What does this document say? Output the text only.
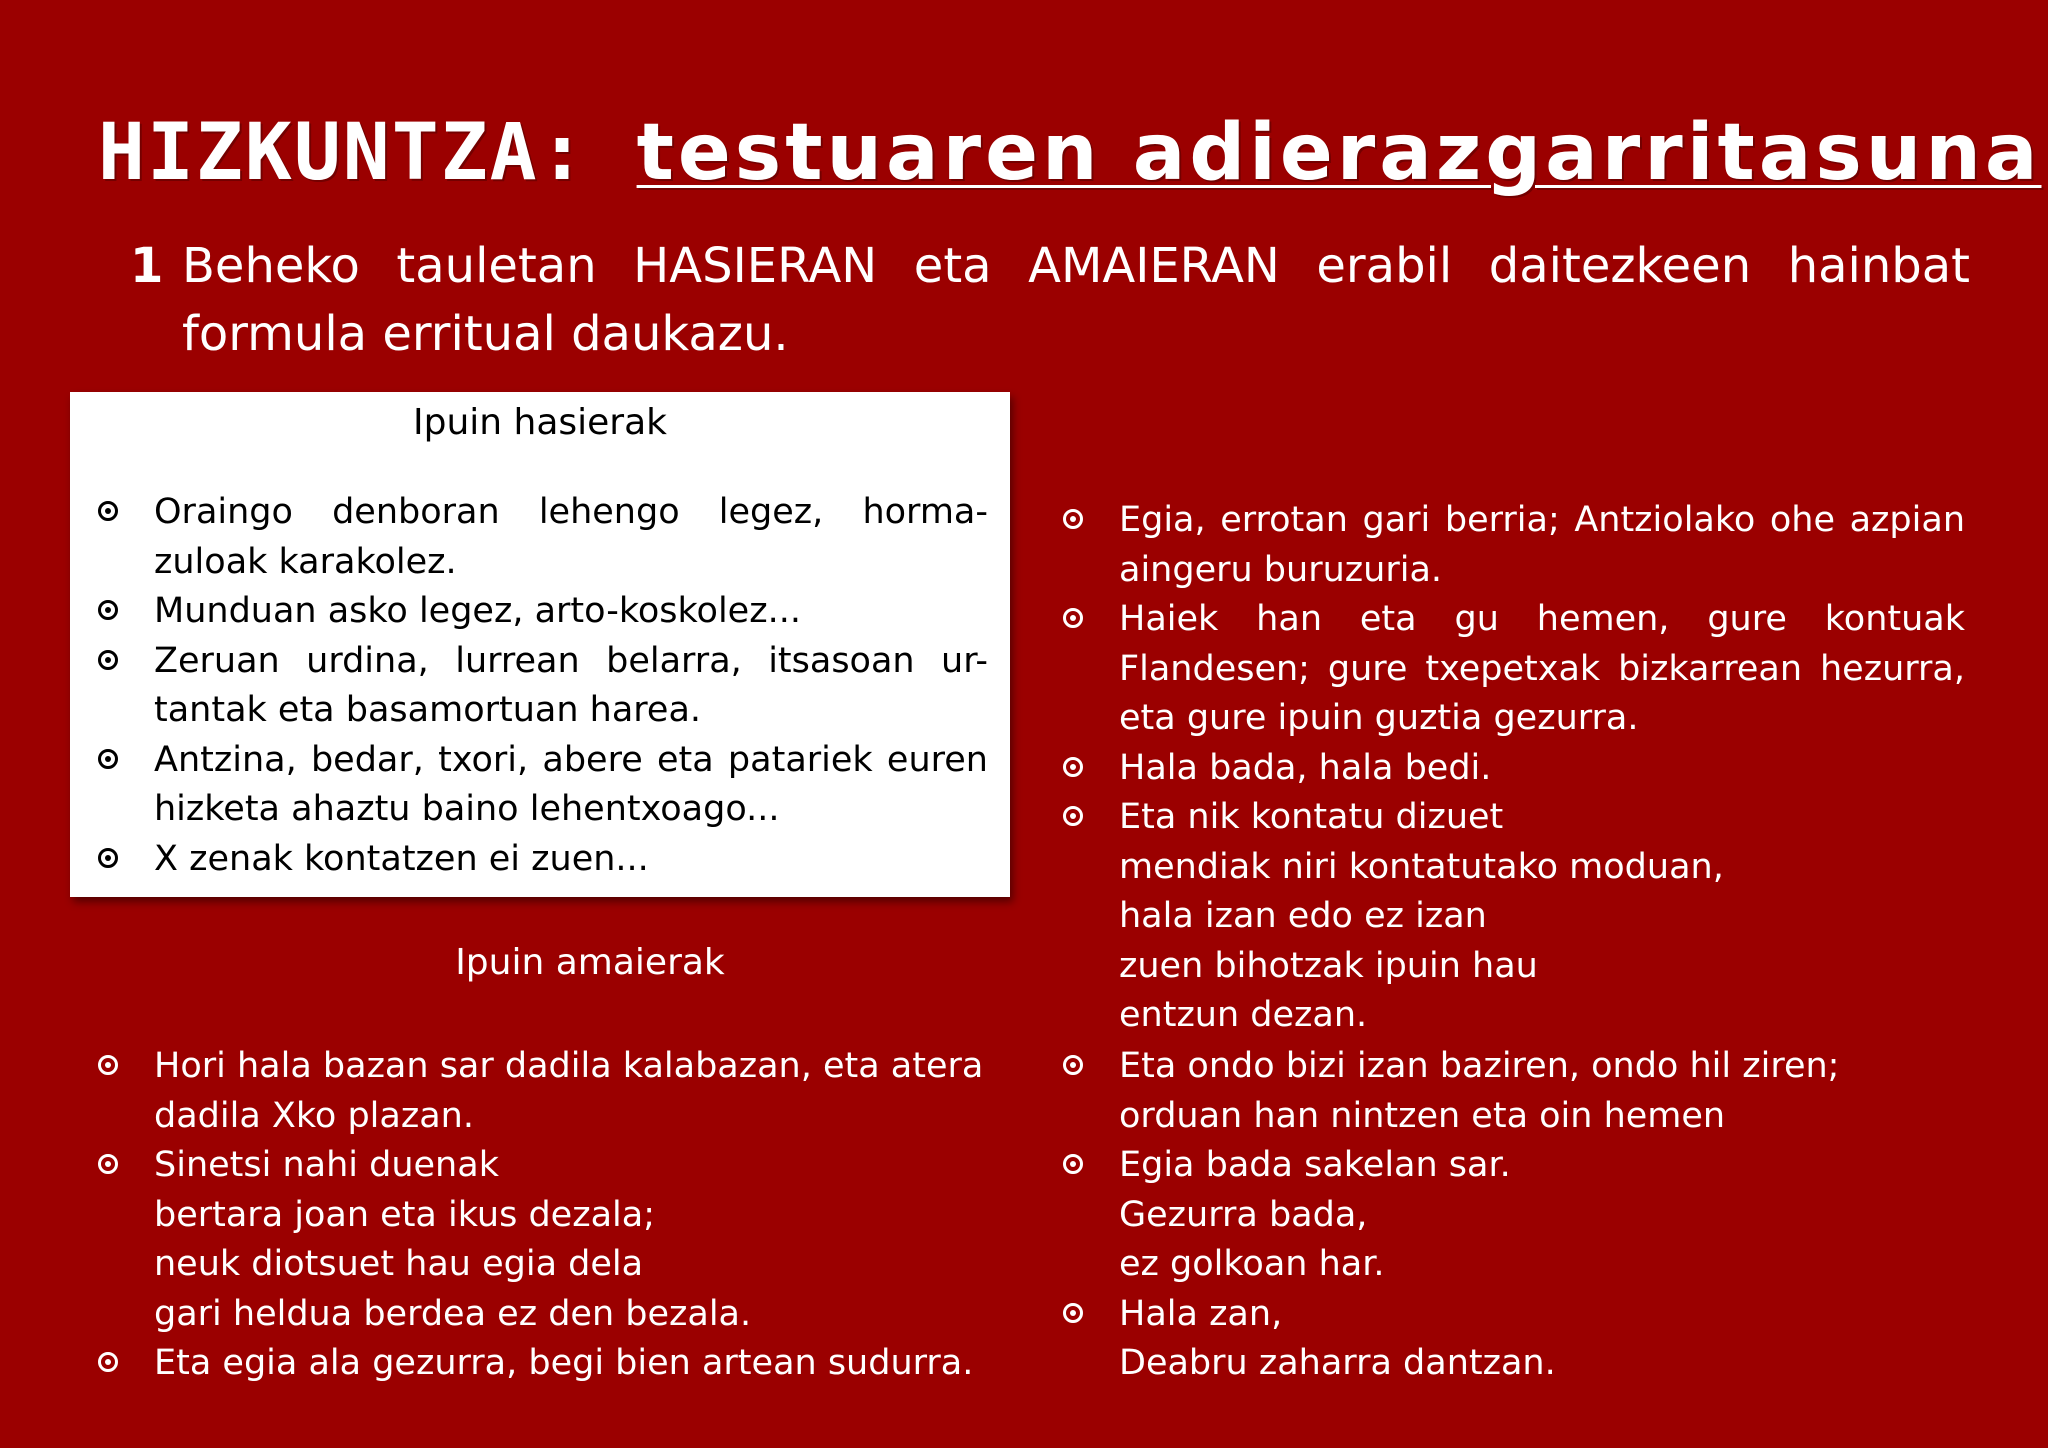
HIZKUNTZA: testuaren adierazgarritasuna
1 Beheko tauletan HASIERAN eta AMAIERAN erabil daitezkeen hainbat formula erritual daukazu.
Ipuin hasierak
Oraingo denboran lehengo legez, horma-zuloak karakolez.
Munduan asko legez, arto-koskolez...
Zeruan urdina, lurrean belarra, itsasoan ur-tantak eta basamortuan harea.
Antzina, bedar, txori, abere eta patariek euren hizketa ahaztu baino lehentxoago...
X zenak kontatzen ei zuen...
Egia, errotan gari berria; Antziolako ohe azpian aingeru buruzuria.
Haiek han eta gu hemen, gure kontuak Flandesen; gure txepetxak bizkarrean hezurra, eta gure ipuin guztia gezurra.
Hala bada, hala bedi.
Eta nik kontatu dizuet
mendiak niri kontatutako moduan,
hala izan edo ez izan
zuen bihotzak ipuin hau
entzun dezan.
Ipuin amaierak
Hori hala bazan sar dadila kalabazan, eta atera dadila Xko plazan.
Sinetsi nahi duenak
bertara joan eta ikus dezala;
neuk diotsuet hau egia dela
gari heldua berdea ez den bezala.
Eta egia ala gezurra, begi bien artean sudurra.
Eta ondo bizi izan baziren, ondo hil ziren; orduan han nintzen eta oin hemen
Egia bada sakelan sar.
Gezurra bada,
ez golkoan har.
Hala zan,
Deabru zaharra dantzan.
